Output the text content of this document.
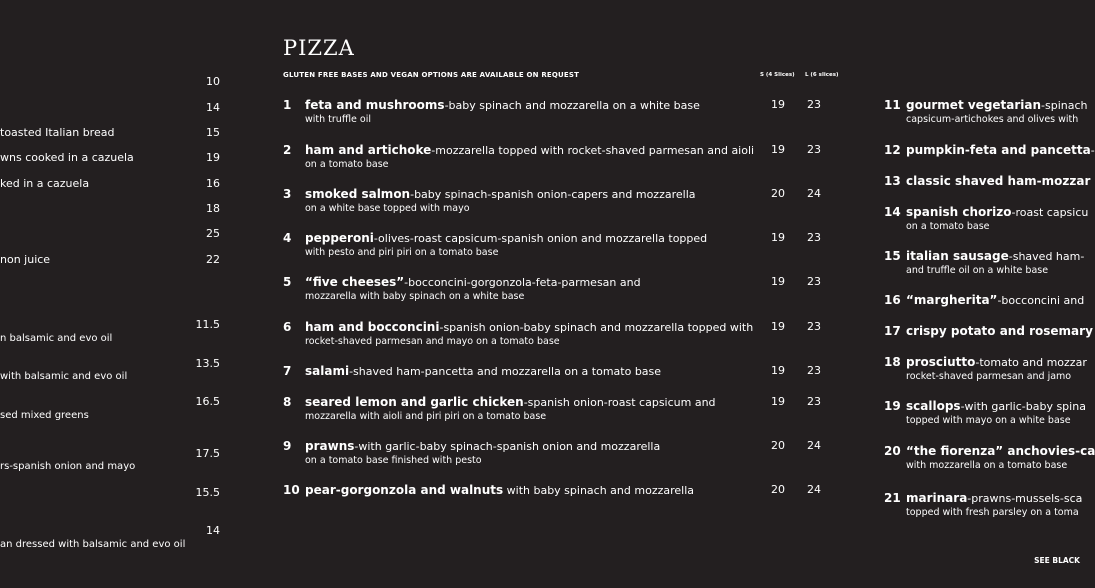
10
14
toasted Italian bread	15
wns cooked in a cazuela	19
ked in a cazuela	16
18
25
non juice	22
11.5
n balsamic and evo oil
13.5
with balsamic and evo oil
16.5
sed mixed greens
17.5
rs-spanish onion and mayo
15.5
14
an dressed with balsamic and evo oil
PIZZA
GLUTEN FREE BASES AND VEGAN OPTIONS ARE AVAILABLE ON REQUEST	S (4 Slices) L (6 slices)
1	feta and mushrooms-baby spinach and mozzarella on a white base
with truffle oil
19 23
2	ham and artichoke-mozzarella topped with rocket-shaved parmesan and aioli
on a tomato base
19 23
3	smoked salmon-baby spinach-spanish onion-capers and mozzarella
on a white base topped with mayo
20 24
4	pepperoni-olives-roast capsicum-spanish onion and mozzarella topped
with pesto and piri piri on a tomato base
19 23
5	“five cheeses”-bocconcini-gorgonzola-feta-parmesan and
mozzarella with baby spinach on a white base
19 23
6	ham and bocconcini-spanish onion-baby spinach and mozzarella topped with
rocket-shaved parmesan and mayo on a tomato base
19 23
7	salami-shaved ham-pancetta and mozzarella on a tomato base	19 23
8	seared lemon and garlic chicken-spanish onion-roast capsicum and
mozzarella with aioli and piri piri on a tomato base
19 23
9	prawns-with garlic-baby spinach-spanish onion and mozzarella
on a tomato base finished with pesto
20 24
10 pear-gorgonzola and walnuts with baby spinach and mozzarella	20 24
11 gourmet vegetarian-spinach
capsicum-artichokes and olives with
12 pumpkin-feta and pancetta-
13 classic shaved ham-mozzar
14 spanish chorizo-roast capsicu
on a tomato base
15 italian sausage-shaved ham-
and truffle oil on a white base
16 “margherita”-bocconcini and
17 crispy potato and rosemary
18 prosciutto-tomato and mozzar
rocket-shaved parmesan and jamo
19 scallops-with garlic-baby spina
topped with mayo on a white base
20 “the fiorenza” anchovies-ca
with mozzarella on a tomato base
21 marinara-prawns-mussels-sca
topped with fresh parsley on a toma
SEE BLACK
